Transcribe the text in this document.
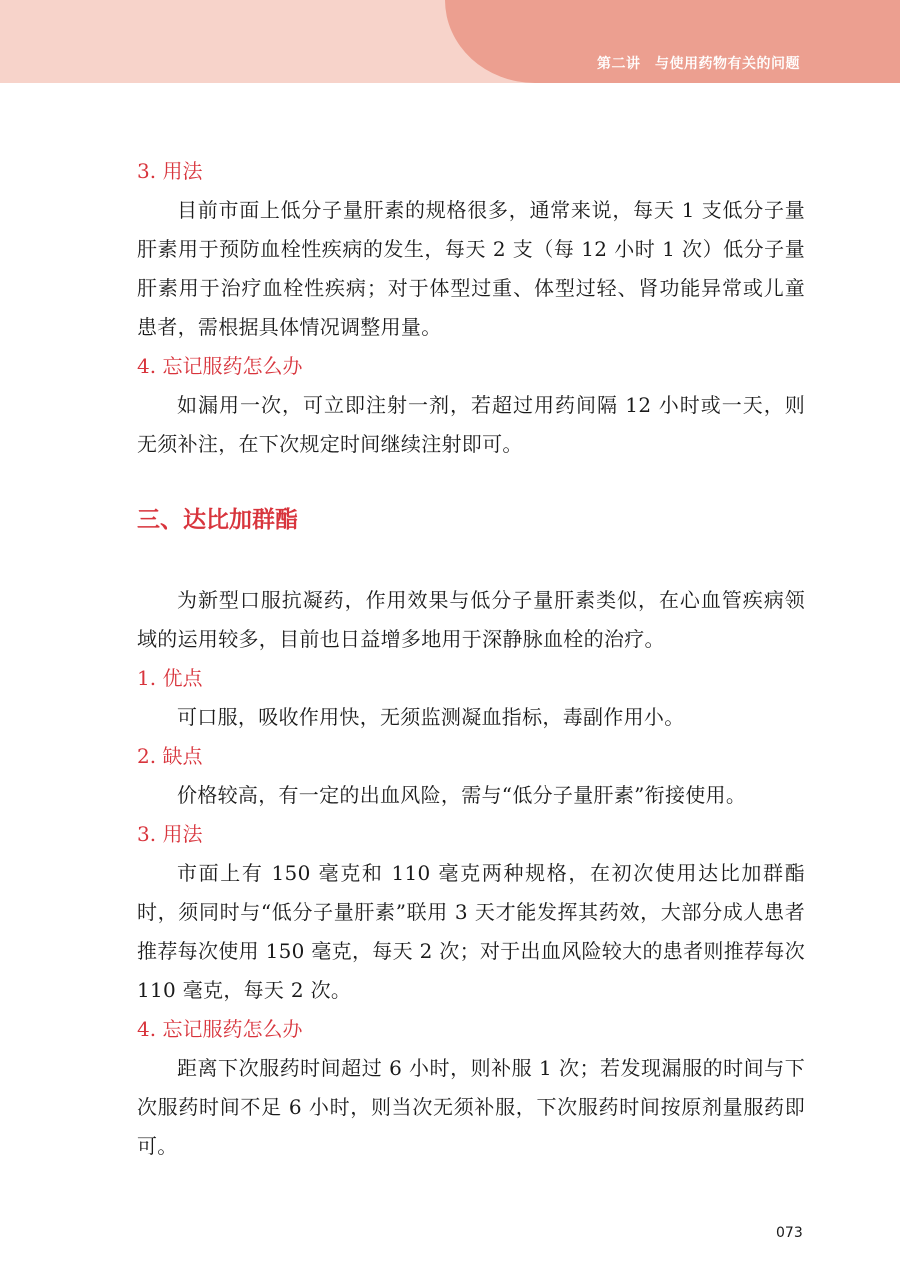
第二讲　与使用药物有关的问题
3. 用法

目前市面上低分子量肝素的规格很多，通常来说，每天 1 支低分子量肝素用于预防血栓性疾病的发生，每天 2 支（每 12 小时 1 次）低分子量肝素用于治疗血栓性疾病；对于体型过重、体型过轻、肾功能异常或儿童患者，需根据具体情况调整用量。

4. 忘记服药怎么办

如漏用一次，可立即注射一剂，若超过用药间隔 12 小时或一天，则无须补注，在下次规定时间继续注射即可。

三、达比加群酯

为新型口服抗凝药，作用效果与低分子量肝素类似，在心血管疾病领域的运用较多，目前也日益增多地用于深静脉血栓的治疗。

1. 优点

可口服，吸收作用快，无须监测凝血指标，毒副作用小。

2. 缺点

价格较高，有一定的出血风险，需与“低分子量肝素”衔接使用。

3. 用法

市面上有 150 毫克和 110 毫克两种规格，在初次使用达比加群酯时，须同时与“低分子量肝素”联用 3 天才能发挥其药效，大部分成人患者推荐每次使用 150 毫克，每天 2 次；对于出血风险较大的患者则推荐每次 110 毫克，每天 2 次。

4. 忘记服药怎么办

距离下次服药时间超过 6 小时，则补服 1 次；若发现漏服的时间与下次服药时间不足 6 小时，则当次无须补服，下次服药时间按原剂量服药即可。

073
